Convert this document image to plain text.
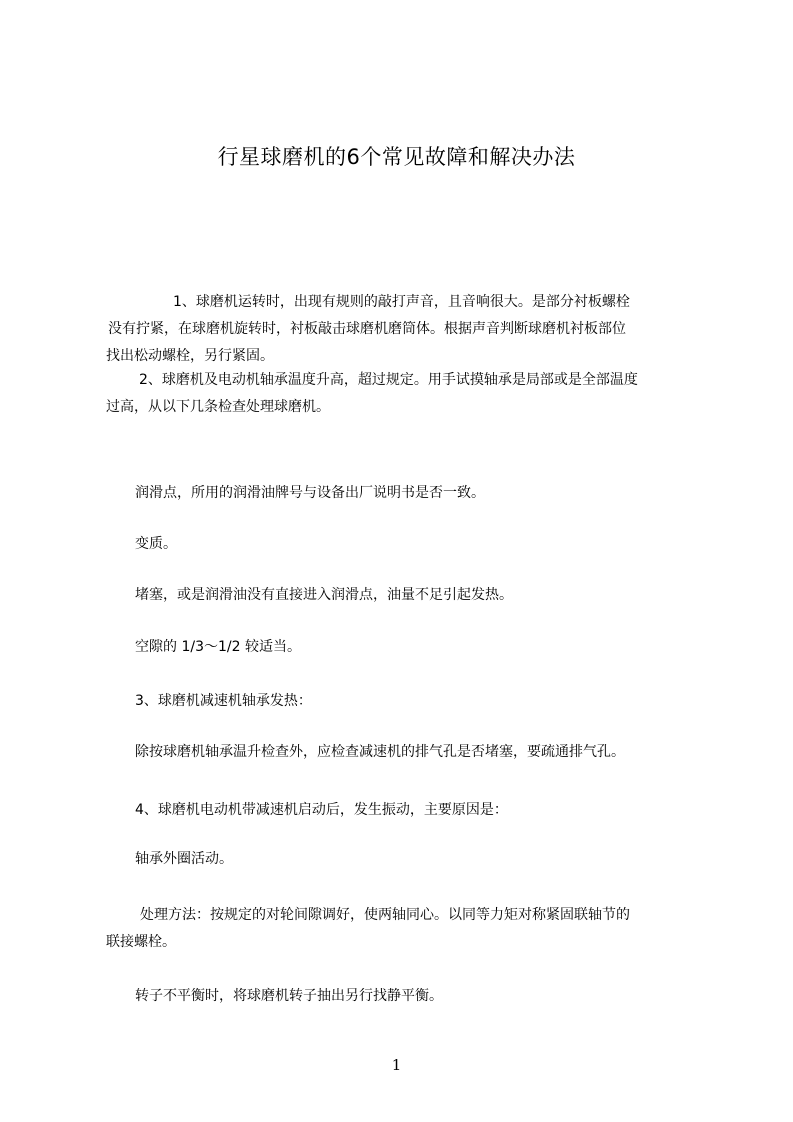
行星球磨机的6个常见故障和解决办法

1、球磨机运转时，出现有规则的敲打声音，且音响很大。是部分衬板螺栓
没有拧紧，在球磨机旋转时，衬板敲击球磨机磨筒体。根据声音判断球磨机衬板部位
找出松动螺栓，另行紧固。

2、球磨机及电动机轴承温度升高，超过规定。用手试摸轴承是局部或是全部温度
过高，从以下几条检查处理球磨机。

润滑点，所用的润滑油牌号与设备出厂说明书是否一致。

变质。

堵塞，或是润滑油没有直接进入润滑点，油量不足引起发热。

空隙的 1/3～1/2 较适当。

3、球磨机减速机轴承发热：

除按球磨机轴承温升检查外，应检查减速机的排气孔是否堵塞，要疏通排气孔。

4、球磨机电动机带减速机启动后，发生振动，主要原因是：

轴承外圈活动。

处理方法：按规定的对轮间隙调好，使两轴同心。以同等力矩对称紧固联轴节的
联接螺栓。

转子不平衡时，将球磨机转子抽出另行找静平衡。

1
